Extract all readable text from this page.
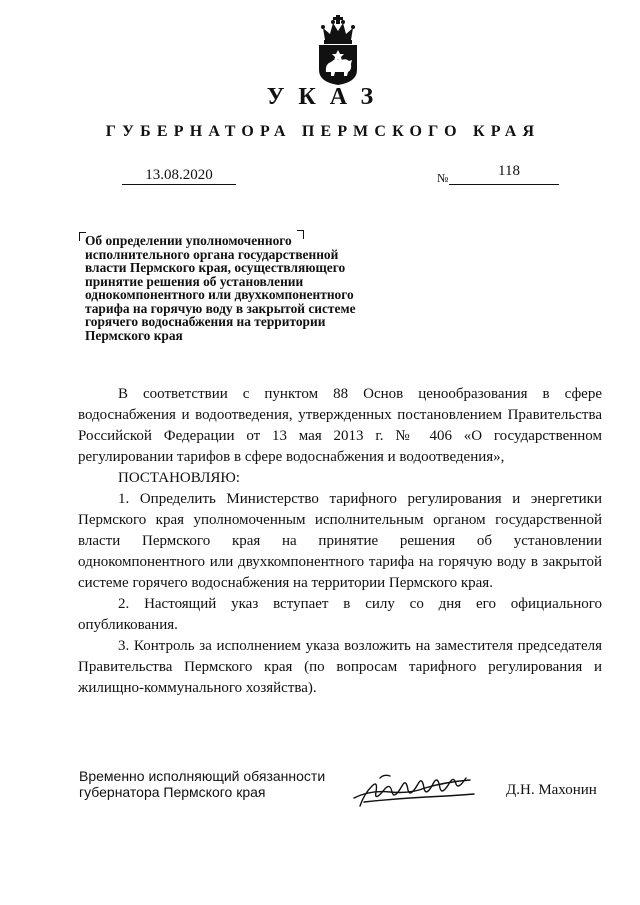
УКАЗ
ГУБЕРНАТОРА ПЕРМСКОГО КРАЯ
13.08.2020	№	118

Об определении уполномоченного

исполнительного органа государственной

власти Пермского края, осуществляющего

принятие решения об установлении

однокомпонентного или двухкомпонентного

тарифа на горячую воду в закрытой системе

горячего водоснабжения на территории

Пермского края

В соответствии с пунктом 88 Основ ценообразования в сфере водоснабжения и водоотведения, утвержденных постановлением Правительства Российской Федерации от 13 мая 2013 г. № 406 «О государственном регулировании тарифов в сфере водоснабжения и водоотведения»,

ПОСТАНОВЛЯЮ:

1. Определить Министерство тарифного регулирования и энергетики Пермского края уполномоченным исполнительным органом государственной власти Пермского края на принятие решения об установлении однокомпонентного или двухкомпонентного тарифа на горячую воду в закрытой системе горячего водоснабжения на территории Пермского края.

2. Настоящий указ вступает в силу со дня его официального опубликования.

3. Контроль за исполнением указа возложить на заместителя председателя Правительства Пермского края (по вопросам тарифного регулирования и жилищно-коммунального хозяйства).

Временно исполняющий обязанности
губернатора Пермского края	Д.Н. Махонин
